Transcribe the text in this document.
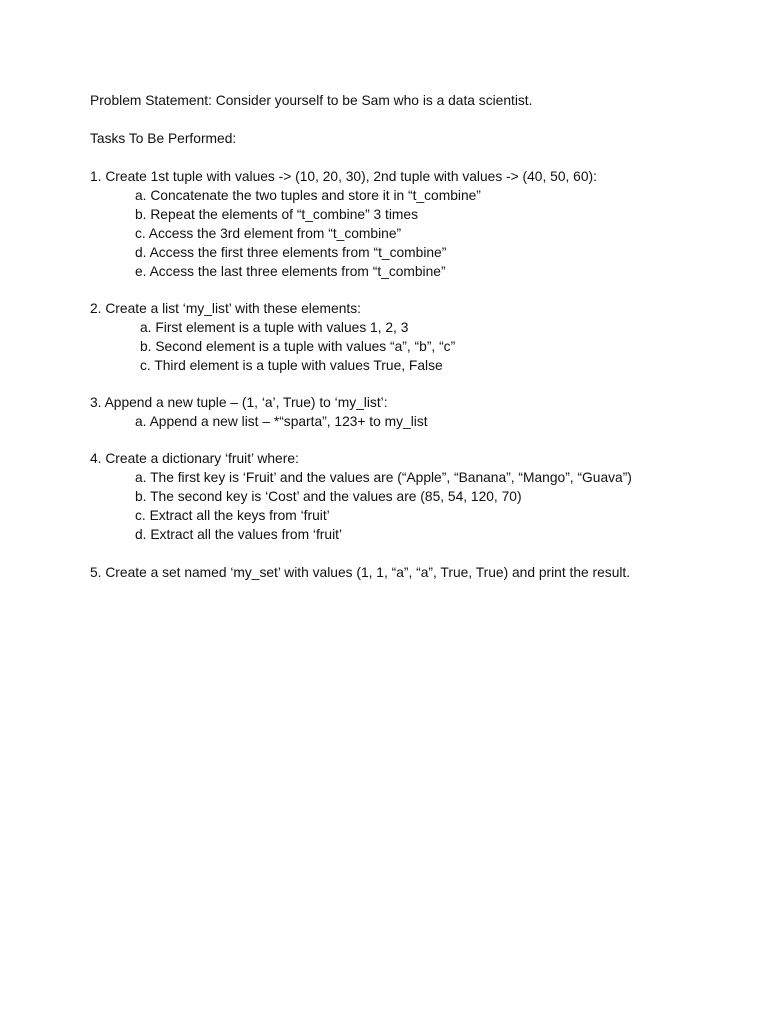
Problem Statement: Consider yourself to be Sam who is a data scientist.
Tasks To Be Performed:
1. Create 1st tuple with values -> (10, 20, 30), 2nd tuple with values -> (40, 50, 60):
a. Concatenate the two tuples and store it in “t_combine”
b. Repeat the elements of “t_combine” 3 times
c. Access the 3rd element from “t_combine”
d. Access the first three elements from “t_combine”
e. Access the last three elements from “t_combine”
2. Create a list ‘my_list’ with these elements:
a. First element is a tuple with values 1, 2, 3
b. Second element is a tuple with values “a”, “b”, “c”
c. Third element is a tuple with values True, False
3. Append a new tuple – (1, ‘a’, True) to ‘my_list’:
a. Append a new list – *“sparta”, 123+ to my_list
4. Create a dictionary ‘fruit’ where:
a. The first key is ‘Fruit’ and the values are (“Apple”, “Banana”, “Mango”, “Guava”)
b. The second key is ‘Cost’ and the values are (85, 54, 120, 70)
c. Extract all the keys from ‘fruit’
d. Extract all the values from ‘fruit’
5. Create a set named ‘my_set’ with values (1, 1, “a”, “a”, True, True) and print the result.
